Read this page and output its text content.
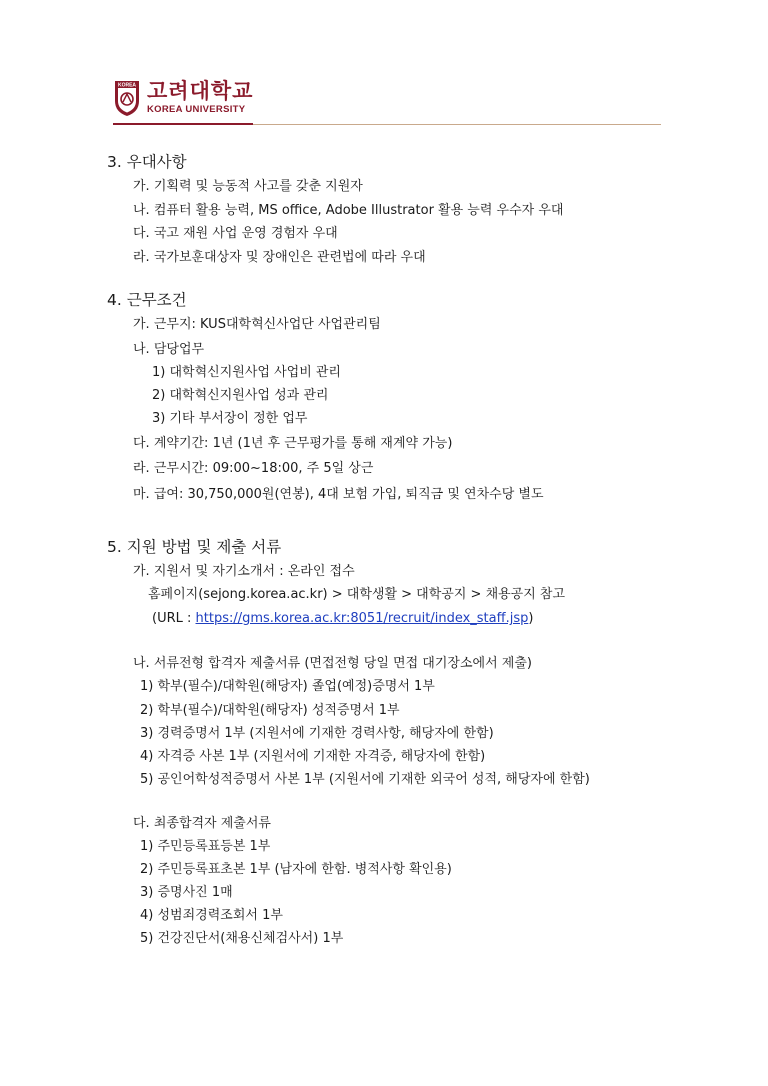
KOREA 고려대학교
KOREA UNIVERSITY
3. 우대사항
가. 기획력 및 능동적 사고를 갖춘 지원자
나. 컴퓨터 활용 능력, MS office, Adobe Illustrator 활용 능력 우수자 우대
다. 국고 재원 사업 운영 경험자 우대
라. 국가보훈대상자 및 장애인은 관련법에 따라 우대
4. 근무조건
가. 근무지: KUS대학혁신사업단 사업관리팀
나. 담당업무
1) 대학혁신지원사업 사업비 관리
2) 대학혁신지원사업 성과 관리
3) 기타 부서장이 정한 업무
다. 계약기간: 1년 (1년 후 근무평가를 통해 재계약 가능)
라. 근무시간: 09:00~18:00, 주 5일 상근
마. 급여: 30,750,000원(연봉), 4대 보험 가입, 퇴직금 및 연차수당 별도
5. 지원 방법 및 제출 서류
가. 지원서 및 자기소개서 : 온라인 접수
홈페이지(sejong.korea.ac.kr) > 대학생활 > 대학공지 > 채용공지 참고
(URL : https://gms.korea.ac.kr:8051/recruit/index_staff.jsp)
나. 서류전형 합격자 제출서류 (면접전형 당일 면접 대기장소에서 제출)
1) 학부(필수)/대학원(해당자) 졸업(예정)증명서 1부
2) 학부(필수)/대학원(해당자) 성적증명서 1부
3) 경력증명서 1부 (지원서에 기재한 경력사항, 해당자에 한함)
4) 자격증 사본 1부 (지원서에 기재한 자격증, 해당자에 한함)
5) 공인어학성적증명서 사본 1부 (지원서에 기재한 외국어 성적, 해당자에 한함)
다. 최종합격자 제출서류
1) 주민등록표등본 1부
2) 주민등록표초본 1부 (남자에 한함. 병적사항 확인용)
3) 증명사진 1매
4) 성범죄경력조회서 1부
5) 건강진단서(채용신체검사서) 1부
